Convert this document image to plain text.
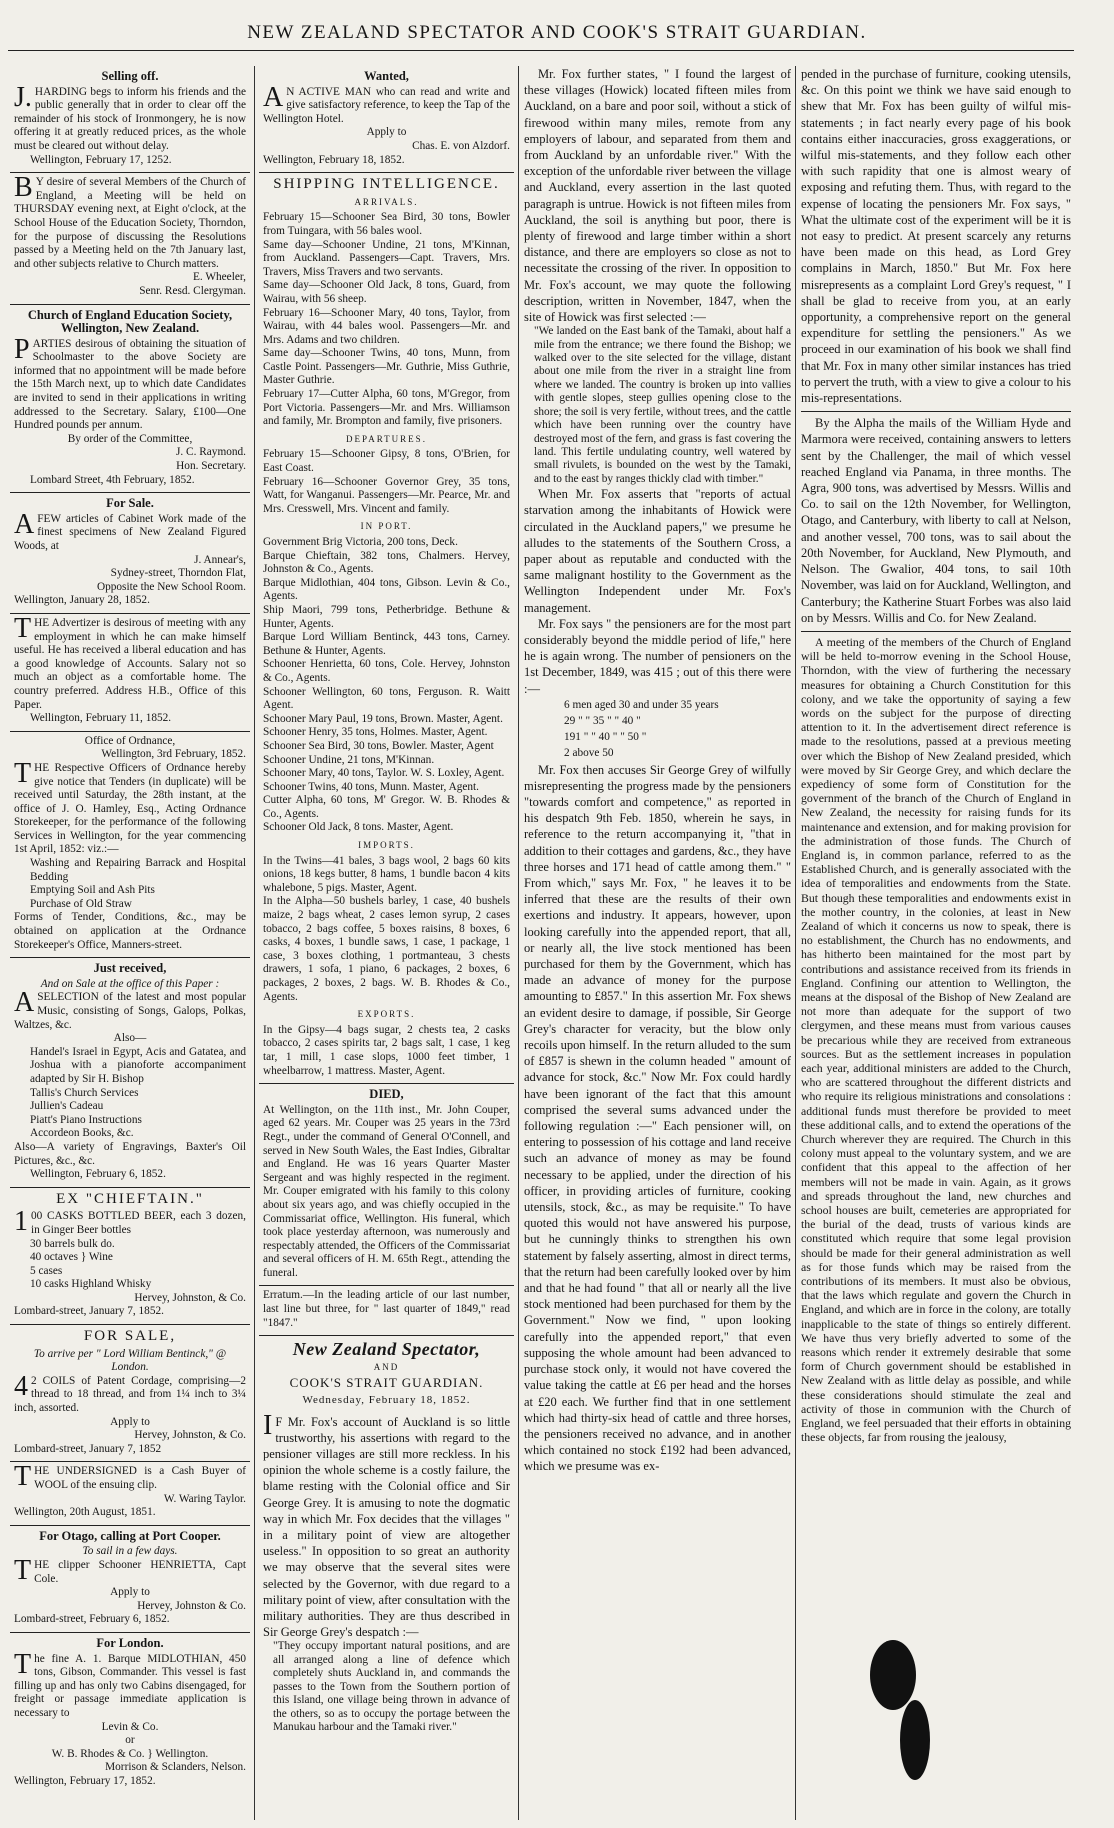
NEW ZEALAND SPECTATOR AND COOK'S STRAIT GUARDIAN.
Selling off.

J.HARDING begs to inform his friends and the public generally that in order to clear off the remainder of his stock of Ironmongery, he is now offering it at greatly reduced prices, as the whole must be cleared out without delay.

Wellington, February 17, 1252.

BY desire of several Members of the Church of England, a Meeting will be held on THURSDAY evening next, at Eight o'clock, at the School House of the Education Society, Thorndon, for the purpose of discussing the Resolutions passed by a Meeting held on the 7th January last, and other subjects relative to Church matters.

E. Wheeler,

Senr. Resd. Clergyman.

Church of England Education Society, Wellington, New Zealand.

PARTIES desirous of obtaining the situation of Schoolmaster to the above Society are informed that no appointment will be made before the 15th March next, up to which date Candidates are invited to send in their applications in writing addressed to the Secretary. Salary, £100—One Hundred pounds per annum.

By order of the Committee,

J. C. Raymond.

Hon. Secretary.

Lombard Street, 4th February, 1852.

For Sale.

AFEW articles of Cabinet Work made of the finest specimens of New Zealand Figured Woods, at

J. Annear's,

Sydney-street, Thorndon Flat,

Opposite the New School Room.

Wellington, January 28, 1852.

THE Advertizer is desirous of meeting with any employment in which he can make himself useful. He has received a liberal education and has a good knowledge of Accounts. Salary not so much an object as a comfortable home. The country preferred. Address H.B., Office of this Paper.

Wellington, February 11, 1852.

Office of Ordnance,

Wellington, 3rd February, 1852.

THE Respective Officers of Ordnance hereby give notice that Tenders (in duplicate) will be received until Saturday, the 28th instant, at the office of J. O. Hamley, Esq., Acting Ordnance Storekeeper, for the performance of the following Services in Wellington, for the year commencing 1st April, 1852: viz.:—

Washing and Repairing Barrack and Hospital Bedding
Emptying Soil and Ash Pits
Purchase of Old Straw

Forms of Tender, Conditions, &c., may be obtained on application at the Ordnance Storekeeper's Office, Manners-street.

Just received,

And on Sale at the office of this Paper :

ASELECTION of the latest and most popular Music, consisting of Songs, Galops, Polkas, Waltzes, &c.

Also—

Handel's Israel in Egypt, Acis and Gatatea, and Joshua with a pianoforte accompaniment adapted by Sir H. Bishop
Tallis's Church Services
Jullien's Cadeau
Piatt's Piano Instructions
Accordeon Books, &c.

Also—A variety of Engravings, Baxter's Oil Pictures, &c., &c.

Wellington, February 6, 1852.

EX "CHIEFTAIN."

100 CASKS BOTTLED BEER, each 3 dozen, in Ginger Beer bottles

30 barrels bulk do.
40 octaves } Wine
5 cases
10 casks Highland Whisky

Hervey, Johnston, & Co.

Lombard-street, January 7, 1852.

FOR SALE,

To arrive per " Lord William Bentinck," @ London.

42 COILS of Patent Cordage, comprising—2 thread to 18 thread, and from 1¼ inch to 3¼ inch, assorted.

Apply to

Hervey, Johnston, & Co.

Lombard-street, January 7, 1852

THE UNDERSIGNED is a Cash Buyer of WOOL of the ensuing clip.

W. Waring Taylor.

Wellington, 20th August, 1851.

For Otago, calling at Port Cooper.

To sail in a few days.

THE clipper Schooner HENRIETTA, Capt Cole.

Apply to

Hervey, Johnston & Co.

Lombard-street, February 6, 1852.

For London.

The fine A. 1. Barque MIDLOTHIAN, 450 tons, Gibson, Commander. This vessel is fast filling up and has only two Cabins disengaged, for freight or passage immediate application is necessary to

Levin & Co.

or

W. B. Rhodes & Co. } Wellington.

Morrison & Sclanders, Nelson.

Wellington, February 17, 1852.

Wanted,

AN ACTIVE MAN who can read and write and give satisfactory reference, to keep the Tap of the Wellington Hotel.

Apply to

Chas. E. von Alzdorf.

Wellington, February 18, 1852.

SHIPPING INTELLIGENCE.
ARRIVALS.

February 15—Schooner Sea Bird, 30 tons, Bowler from Tuingara, with 56 bales wool.

Same day—Schooner Undine, 21 tons, M'Kinnan, from Auckland. Passengers—Capt. Travers, Mrs. Travers, Miss Travers and two servants.

Same day—Schooner Old Jack, 8 tons, Guard, from Wairau, with 56 sheep.

February 16—Schooner Mary, 40 tons, Taylor, from Wairau, with 44 bales wool. Passengers—Mr. and Mrs. Adams and two children.

Same day—Schooner Twins, 40 tons, Munn, from Castle Point. Passengers—Mr. Guthrie, Miss Guthrie, Master Guthrie.

February 17—Cutter Alpha, 60 tons, M'Gregor, from Port Victoria. Passengers—Mr. and Mrs. Williamson and family, Mr. Brompton and family, five prisoners.

DEPARTURES.

February 15—Schooner Gipsy, 8 tons, O'Brien, for East Coast.

February 16—Schooner Governor Grey, 35 tons, Watt, for Wanganui. Passengers—Mr. Pearce, Mr. and Mrs. Cresswell, Mrs. Vincent and family.

IN PORT.

Government Brig Victoria, 200 tons, Deck.

Barque Chieftain, 382 tons, Chalmers. Hervey, Johnston & Co., Agents.

Barque Midlothian, 404 tons, Gibson. Levin & Co., Agents.

Ship Maori, 799 tons, Petherbridge. Bethune & Hunter, Agents.

Barque Lord William Bentinck, 443 tons, Carney. Bethune & Hunter, Agents.

Schooner Henrietta, 60 tons, Cole. Hervey, Johnston & Co., Agents.

Schooner Wellington, 60 tons, Ferguson. R. Waitt Agent.

Schooner Mary Paul, 19 tons, Brown. Master, Agent.

Schooner Henry, 35 tons, Holmes. Master, Agent.

Schooner Sea Bird, 30 tons, Bowler. Master, Agent

Schooner Undine, 21 tons, M'Kinnan.

Schooner Mary, 40 tons, Taylor. W. S. Loxley, Agent.

Schooner Twins, 40 tons, Munn. Master, Agent.

Cutter Alpha, 60 tons, M' Gregor. W. B. Rhodes & Co., Agents.

Schooner Old Jack, 8 tons. Master, Agent.

IMPORTS.

In the Twins—41 bales, 3 bags wool, 2 bags 60 kits onions, 18 kegs butter, 8 hams, 1 bundle bacon 4 kits whalebone, 5 pigs. Master, Agent.

In the Alpha—50 bushels barley, 1 case, 40 bushels maize, 2 bags wheat, 2 cases lemon syrup, 2 cases tobacco, 2 bags coffee, 5 boxes raisins, 8 boxes, 6 casks, 4 boxes, 1 bundle saws, 1 case, 1 package, 1 case, 3 boxes clothing, 1 portmanteau, 3 chests drawers, 1 sofa, 1 piano, 6 packages, 2 boxes, 6 packages, 2 boxes, 2 bags. W. B. Rhodes & Co., Agents.

EXPORTS.

In the Gipsy—4 bags sugar, 2 chests tea, 2 casks tobacco, 2 cases spirits tar, 2 bags salt, 1 case, 1 keg tar, 1 mill, 1 case slops, 1000 feet timber, 1 wheelbarrow, 1 mattress. Master, Agent.

DIED,

At Wellington, on the 11th inst., Mr. John Couper, aged 62 years. Mr. Couper was 25 years in the 73rd Regt., under the command of General O'Connell, and served in New South Wales, the East Indies, Gibraltar and England. He was 16 years Quarter Master Sergeant and was highly respected in the regiment. Mr. Couper emigrated with his family to this colony about six years ago, and was chiefly occupied in the Commissariat office, Wellington. His funeral, which took place yesterday afternoon, was numerously and respectably attended, the Officers of the Commissariat and several officers of H. M. 65th Regt., attending the funeral.

Erratum.—In the leading article of our last number, last line but three, for " last quarter of 1849," read "1847."

New Zealand Spectator,
AND
COOK'S STRAIT GUARDIAN.
Wednesday, February 18, 1852.

IF Mr. Fox's account of Auckland is so little trustworthy, his assertions with regard to the pensioner villages are still more reckless. In his opinion the whole scheme is a costly failure, the blame resting with the Colonial office and Sir George Grey. It is amusing to note the dogmatic way in which Mr. Fox decides that the villages " in a military point of view are altogether useless." In opposition to so great an authority we may observe that the several sites were selected by the Governor, with due regard to a military point of view, after consultation with the military authorities. They are thus described in Sir George Grey's despatch :—

"They occupy important natural positions, and are all arranged along a line of defence which completely shuts Auckland in, and commands the passes to the Town from the Southern portion of this Island, one village being thrown in advance of the others, so as to occupy the portage between the Manukau harbour and the Tamaki river."

Mr. Fox further states, " I found the largest of these villages (Howick) located fifteen miles from Auckland, on a bare and poor soil, without a stick of firewood within many miles, remote from any employers of labour, and separated from them and from Auckland by an unfordable river." With the exception of the unfordable river between the village and Auckland, every assertion in the last quoted paragraph is untrue. Howick is not fifteen miles from Auckland, the soil is anything but poor, there is plenty of firewood and large timber within a short distance, and there are employers so close as not to necessitate the crossing of the river. In opposition to Mr. Fox's account, we may quote the following description, written in November, 1847, when the site of Howick was first selected :—

"We landed on the East bank of the Tamaki, about half a mile from the entrance; we there found the Bishop; we walked over to the site selected for the village, distant about one mile from the river in a straight line from where we landed. The country is broken up into vallies with gentle slopes, steep gullies opening close to the shore; the soil is very fertile, without trees, and the cattle which have been running over the country have destroyed most of the fern, and grass is fast covering the land. This fertile undulating country, well watered by small rivulets, is bounded on the west by the Tamaki, and to the east by ranges thickly clad with timber."

When Mr. Fox asserts that "reports of actual starvation among the inhabitants of Howick were circulated in the Auckland papers," we presume he alludes to the statements of the Southern Cross, a paper about as reputable and conducted with the same malignant hostility to the Government as the Wellington Independent under Mr. Fox's management.

Mr. Fox says " the pensioners are for the most part considerably beyond the middle period of life," here he is again wrong. The number of pensioners on the 1st December, 1849, was 415 ; out of this there were :—

6 men aged 30 and under 35 years
29 " " 35 " " 40 "
191 " " 40 " " 50 "
2 above 50

Mr. Fox then accuses Sir George Grey of wilfully misrepresenting the progress made by the pensioners "towards comfort and competence," as reported in his despatch 9th Feb. 1850, wherein he says, in reference to the return accompanying it, "that in addition to their cottages and gardens, &c., they have three horses and 171 head of cattle among them." " From which," says Mr. Fox, " he leaves it to be inferred that these are the results of their own exertions and industry. It appears, however, upon looking carefully into the appended report, that all, or nearly all, the live stock mentioned has been purchased for them by the Government, which has made an advance of money for the purpose amounting to £857." In this assertion Mr. Fox shews an evident desire to damage, if possible, Sir George Grey's character for veracity, but the blow only recoils upon himself. In the return alluded to the sum of £857 is shewn in the column headed " amount of advance for stock, &c." Now Mr. Fox could hardly have been ignorant of the fact that this amount comprised the several sums advanced under the following regulation :—" Each pensioner will, on entering to possession of his cottage and land receive such an advance of money as may be found necessary to be applied, under the direction of his officer, in providing articles of furniture, cooking utensils, stock, &c., as may be requisite." To have quoted this would not have answered his purpose, but he cunningly thinks to strengthen his own statement by falsely asserting, almost in direct terms, that the return had been carefully looked over by him and that he had found " that all or nearly all the live stock mentioned had been purchased for them by the Government." Now we find, " upon looking carefully into the appended report," that even supposing the whole amount had been advanced to purchase stock only, it would not have covered the value taking the cattle at £6 per head and the horses at £20 each. We further find that in one settlement which had thirty-six head of cattle and three horses, the pensioners received no advance, and in another which contained no stock £192 had been advanced, which we presume was ex-

pended in the purchase of furniture, cooking utensils, &c. On this point we think we have said enough to shew that Mr. Fox has been guilty of wilful mis-statements ; in fact nearly every page of his book contains either inaccuracies, gross exaggerations, or wilful mis-statements, and they follow each other with such rapidity that one is almost weary of exposing and refuting them. Thus, with regard to the expense of locating the pensioners Mr. Fox says, " What the ultimate cost of the experiment will be it is not easy to predict. At present scarcely any returns have been made on this head, as Lord Grey complains in March, 1850." But Mr. Fox here misrepresents as a complaint Lord Grey's request, " I shall be glad to receive from you, at an early opportunity, a comprehensive report on the general expenditure for settling the pensioners." As we proceed in our examination of his book we shall find that Mr. Fox in many other similar instances has tried to pervert the truth, with a view to give a colour to his mis-representations.

By the Alpha the mails of the William Hyde and Marmora were received, containing answers to letters sent by the Challenger, the mail of which vessel reached England via Panama, in three months. The Agra, 900 tons, was advertised by Messrs. Willis and Co. to sail on the 12th November, for Wellington, Otago, and Canterbury, with liberty to call at Nelson, and another vessel, 700 tons, was to sail about the 20th November, for Auckland, New Plymouth, and Nelson. The Gwalior, 404 tons, to sail 10th November, was laid on for Auckland, Wellington, and Canterbury; the Katherine Stuart Forbes was also laid on by Messrs. Willis and Co. for New Zealand.

A meeting of the members of the Church of England will be held to-morrow evening in the School House, Thorndon, with the view of furthering the necessary measures for obtaining a Church Constitution for this colony, and we take the opportunity of saying a few words on the subject for the purpose of directing attention to it. In the advertisement direct reference is made to the resolutions, passed at a previous meeting over which the Bishop of New Zealand presided, which were moved by Sir George Grey, and which declare the expediency of some form of Constitution for the government of the branch of the Church of England in New Zealand, the necessity for raising funds for its maintenance and extension, and for making provision for the administration of those funds. The Church of England is, in common parlance, referred to as the Established Church, and is generally associated with the idea of temporalities and endowments from the State. But though these temporalities and endowments exist in the mother country, in the colonies, at least in New Zealand of which it concerns us now to speak, there is no establishment, the Church has no endowments, and has hitherto been maintained for the most part by contributions and assistance received from its friends in England. Confining our attention to Wellington, the means at the disposal of the Bishop of New Zealand are not more than adequate for the support of two clergymen, and these means must from various causes be precarious while they are received from extraneous sources. But as the settlement increases in population each year, additional ministers are added to the Church, who are scattered throughout the different districts and who require its religious ministrations and consolations : additional funds must therefore be provided to meet these additional calls, and to extend the operations of the Church wherever they are required. The Church in this colony must appeal to the voluntary system, and we are confident that this appeal to the affection of her members will not be made in vain. Again, as it grows and spreads throughout the land, new churches and school houses are built, cemeteries are appropriated for the burial of the dead, trusts of various kinds are constituted which require that some legal provision should be made for their general administration as well as for those funds which may be raised from the contributions of its members. It must also be obvious, that the laws which regulate and govern the Church in England, and which are in force in the colony, are totally inapplicable to the state of things so entirely different. We have thus very briefly adverted to some of the reasons which render it extremely desirable that some form of Church government should be established in New Zealand with as little delay as possible, and while these considerations should stimulate the zeal and activity of those in communion with the Church of England, we feel persuaded that their efforts in obtaining these objects, far from rousing the jealousy,
